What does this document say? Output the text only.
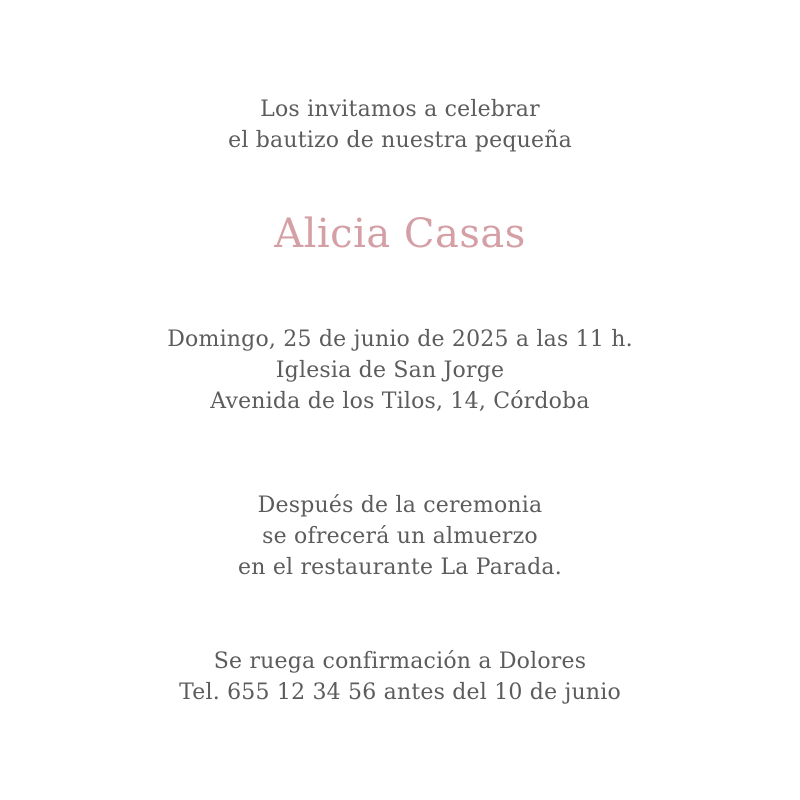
Los invitamos a celebrar
el bautizo de nuestra pequeña
Alicia Casas
Domingo, 25 de junio de 2025 a las 11 h.
Iglesia de San Jorge
Avenida de los Tilos, 14, Córdoba
Después de la ceremonia
se ofrecerá un almuerzo
en el restaurante La Parada.
Se ruega confirmación a Dolores
Tel. 655 12 34 56 antes del 10 de junio
